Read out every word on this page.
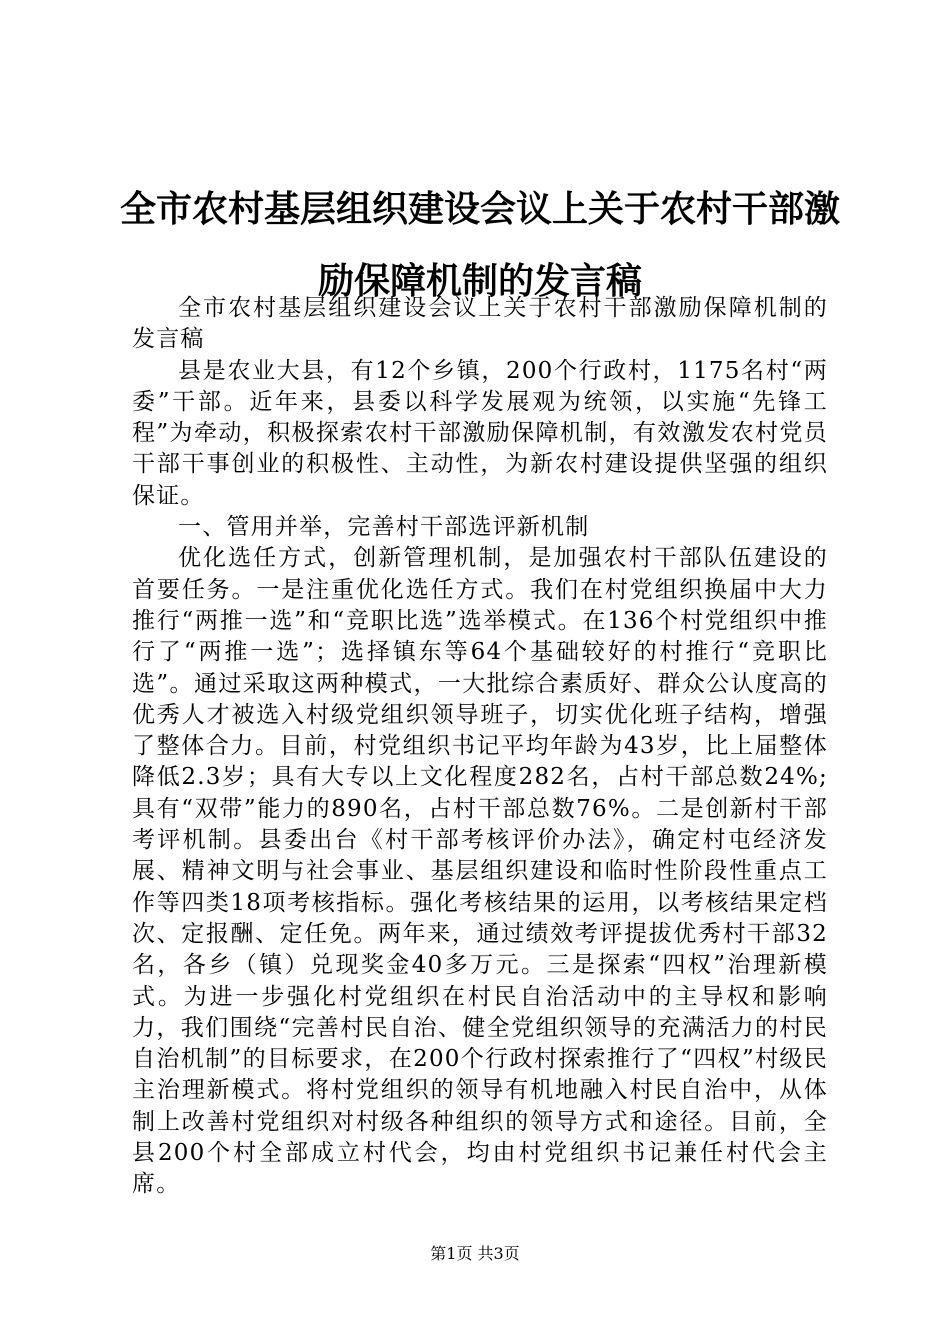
全市农村基层组织建设会议上关于农村干部激励保障机制的发言稿

全市农村基层组织建设会议上关于农村干部激励保障机制的发言稿

县是农业大县，有12个乡镇，200个行政村，1175名村“两委”干部。近年来，县委以科学发展观为统领，以实施“先锋工程”为牵动，积极探索农村干部激励保障机制，有效激发农村党员干部干事创业的积极性、主动性，为新农村建设提供坚强的组织保证。

一、管用并举，完善村干部选评新机制

优化选任方式，创新管理机制，是加强农村干部队伍建设的首要任务。一是注重优化选任方式。我们在村党组织换届中大力推行“两推一选”和“竞职比选”选举模式。在136个村党组织中推行了“两推一选”；选择镇东等64个基础较好的村推行“竞职比选”。通过采取这两种模式，一大批综合素质好、群众公认度高的优秀人才被选入村级党组织领导班子，切实优化班子结构，增强了整体合力。目前，村党组织书记平均年龄为43岁，比上届整体降低2.3岁；具有大专以上文化程度282名，占村干部总数24%;具有“双带”能力的890名，占村干部总数76%。二是创新村干部考评机制。县委出台《村干部考核评价办法》，确定村屯经济发展、精神文明与社会事业、基层组织建设和临时性阶段性重点工作等四类18项考核指标。强化考核结果的运用，以考核结果定档次、定报酬、定任免。两年来，通过绩效考评提拔优秀村干部32名，各乡（镇）兑现奖金40多万元。三是探索“四权”治理新模式。为进一步强化村党组织在村民自治活动中的主导权和影响力，我们围绕“完善村民自治、健全党组织领导的充满活力的村民自治机制”的目标要求，在200个行政村探索推行了“四权”村级民主治理新模式。将村党组织的领导有机地融入村民自治中，从体制上改善村党组织对村级各种组织的领导方式和途径。目前，全县200个村全部成立村代会，均由村党组织书记兼任村代会主席。

第1页 共3页
